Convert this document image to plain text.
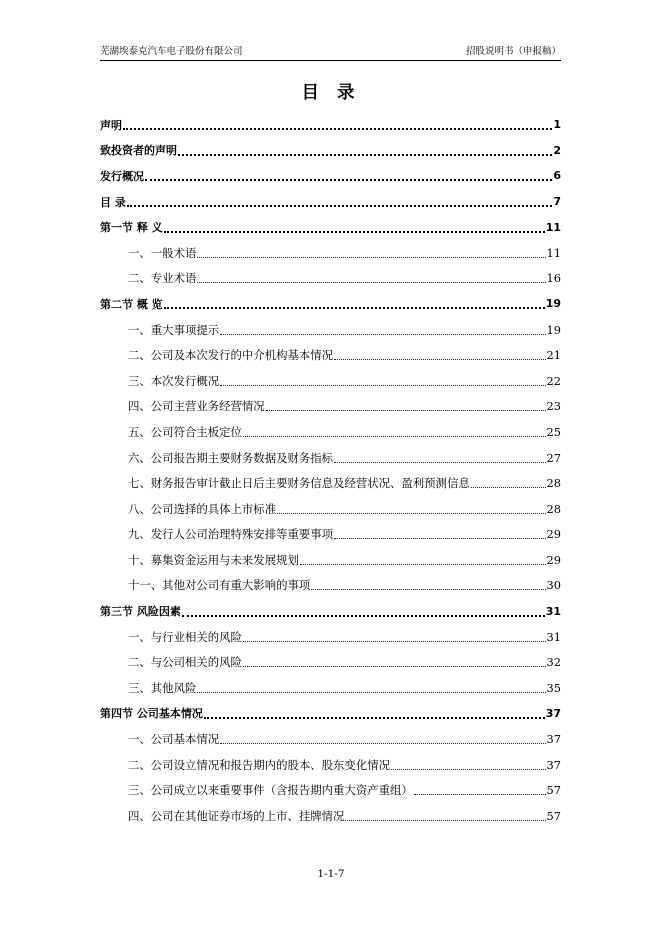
芜湖埃泰克汽车电子股份有限公司	招股说明书（申报稿）
目 录
声明	1
致投资者的声明	2
发行概况	6
目 录	7
第一节 释 义	11
一、一般术语	11
二、专业术语	16
第二节 概 览	19
一、重大事项提示	19
二、公司及本次发行的中介机构基本情况	21
三、本次发行概况	22
四、公司主营业务经营情况	23
五、公司符合主板定位	25
六、公司报告期主要财务数据及财务指标	27
七、财务报告审计截止日后主要财务信息及经营状况、盈利预测信息	28
八、公司选择的具体上市标准	28
九、发行人公司治理特殊安排等重要事项	29
十、募集资金运用与未来发展规划	29
十一、其他对公司有重大影响的事项	30
第三节 风险因素	31
一、与行业相关的风险	31
二、与公司相关的风险	32
三、其他风险	35
第四节 公司基本情况	37
一、公司基本情况	37
二、公司设立情况和报告期内的股本、股东变化情况	37
三、公司成立以来重要事件（含报告期内重大资产重组）	57
四、公司在其他证券市场的上市、挂牌情况	57
1-1-7
